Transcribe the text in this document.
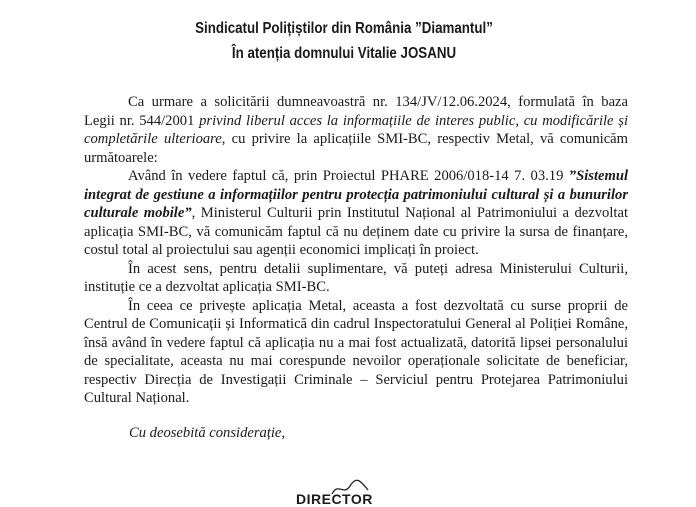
Sindicatul Polițiștilor din România ”Diamantul”
În atenția domnului Vitalie JOSANU

Ca urmare a solicitării dumneavoastră nr. 134/JV/12.06.2024, formulată în baza Legii nr. 544/2001 privind liberul acces la informațiile de interes public, cu modificările și completările ulterioare, cu privire la aplicațiile SMI-BC, respectiv Metal, vă comunicăm următoarele:

Având în vedere faptul că, prin Proiectul PHARE 2006/018-14 7. 03.19 ”Sistemul integrat de gestiune a informațiilor pentru protecția patrimoniului cultural și a bunurilor culturale mobile”, Ministerul Culturii prin Institutul Național al Patrimoniului a dezvoltat aplicația SMI-BC, vă comunicăm faptul că nu deținem date cu privire la sursa de finanțare, costul total al proiectului sau agenții economici implicați în proiect.

În acest sens, pentru detalii suplimentare, vă puteți adresa Ministerului Culturii, instituție ce a dezvoltat aplicația SMI-BC.

În ceea ce privește aplicația Metal, aceasta a fost dezvoltată cu surse proprii de Centrul de Comunicații și Informatică din cadrul Inspectoratului General al Poliției Române, însă având în vedere faptul că aplicația nu a mai fost actualizată, datorită lipsei personalului de specialitate, aceasta nu mai corespunde nevoilor operaționale solicitate de beneficiar, respectiv Direcția de Investigații Criminale – Serviciul pentru Protejarea Patrimoniului Cultural Național.

Cu deosebită considerație,
DIRECTOR
